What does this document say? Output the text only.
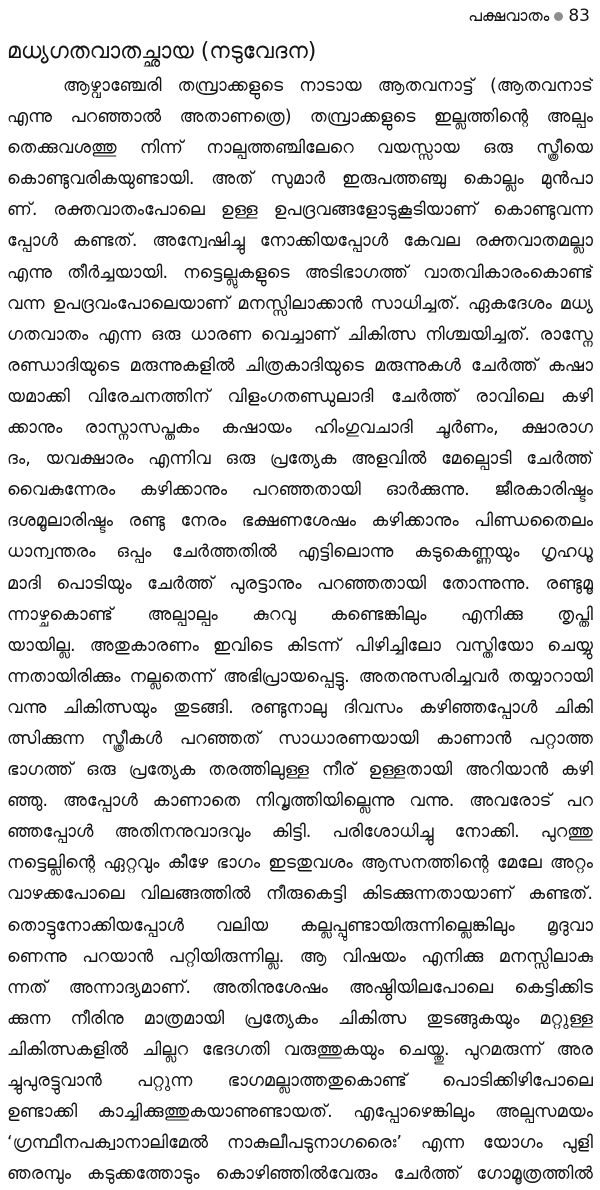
പക്ഷവാതം 83
മധ്യഗതവാതച്ഛായ (നടുവേദന)
ആഴ്വാഞ്ചേരി തമ്പ്രാക്കളുടെ നാടായ ആതവനാട്ട് (ആതവനാട്
എന്നു പറഞ്ഞാൽ അതാണത്രെ) തമ്പ്രാക്കളുടെ ഇല്ലത്തിന്റെ അല്പം
തെക്കുവശത്തു നിന്ന് നാല്പത്തഞ്ചിലേറെ വയസ്സായ ഒരു സ്ത്രീയെ
കൊണ്ടുവരികയുണ്ടായി. അത് സുമാർ ഇരുപത്തഞ്ചു കൊല്ലം മുൻപാ
ണ്. രക്തവാതംപോലെ ഉള്ള ഉപദ്രവങ്ങളോടുകൂടിയാണ് കൊണ്ടുവന്ന
പ്പോൾ കണ്ടത്. അന്വേഷിച്ചു നോക്കിയപ്പോൾ കേവല രക്തവാതമല്ലാ
എന്നു തീർച്ചയായി. നട്ടെല്ലുകളുടെ അടിഭാഗത്ത് വാതവികാരംകൊണ്ട്
വന്ന ഉപദ്രവംപോലെയാണ് മനസ്സിലാക്കാൻ സാധിച്ചത്. ഏകദേശം മധ്യ
ഗതവാതം എന്ന ഒരു ധാരണ വെച്ചാണ് ചികിത്സ നിശ്ചയിച്ചത്. രാസ്നേ
രണ്ഡാദിയുടെ മരുന്നുകളിൽ ചിത്രകാദിയുടെ മരുന്നുകൾ ചേർത്ത് കഷാ
യമാക്കി വിരേചനത്തിന് വിളംഗതണ്ഡുലാദി ചേർത്ത് രാവിലെ കഴി
ക്കാനും രാസ്നാസപ്തകം കഷായം ഹിംഗുവചാദി ചൂർണം, ക്ഷാരാഗ
ദം, യവക്ഷാരം എന്നിവ ഒരു പ്രത്യേക അളവിൽ മേല്പൊടി ചേർത്ത്
വൈകുന്നേരം കഴിക്കാനും പറഞ്ഞതായി ഓർക്കുന്നു. ജീരകാരിഷ്ടം
ദശമൂലാരിഷ്ടം രണ്ടു നേരം ഭക്ഷണശേഷം കഴിക്കാനും പിണ്ഡതൈലം
ധാന്വന്തരം ഒപ്പം ചേർത്തതിൽ എട്ടിലൊന്നു കടുകെണ്ണയും ഗൃഹധൂ
മാദി പൊടിയും ചേർത്ത് പുരട്ടാനും പറഞ്ഞതായി തോന്നുന്നു. രണ്ടുമൂ
ന്നാഴ്ചകൊണ്ട് അല്പാല്പം കുറവു കണ്ടെങ്കിലും എനിക്കു തൃപ്തി
യായില്ല. അതുകാരണം ഇവിടെ കിടന്ന് പിഴിച്ചിലോ വസ്തിയോ ചെയ്യു
ന്നതായിരിക്കും നല്ലതെന്ന് അഭിപ്രായപ്പെട്ടു. അതനുസരിച്ചവർ തയ്യാറായി
വന്നു ചികിത്സയും തുടങ്ങി. രണ്ടുനാലു ദിവസം കഴിഞ്ഞപ്പോൾ ചികി
ത്സിക്കുന്ന സ്ത്രീകൾ പറഞ്ഞത് സാധാരണയായി കാണാൻ പറ്റാത്ത
ഭാഗത്ത് ഒരു പ്രത്യേക തരത്തിലുള്ള നീര് ഉള്ളതായി അറിയാൻ കഴി
ഞ്ഞു. അപ്പോൾ കാണാതെ നിവൃത്തിയില്ലെന്നു വന്നു. അവരോട് പറ
ഞ്ഞപ്പോൾ അതിനനുവാദവും കിട്ടി. പരിശോധിച്ചു നോക്കി. പുറത്തു
നട്ടെല്ലിന്റെ ഏറ്റവും കീഴേ ഭാഗം ഇടതുവശം ആസനത്തിന്റെ മേലേ അറ്റം
വാഴക്കപോലെ വിലങ്ങത്തിൽ നീരുകെട്ടി കിടക്കുന്നതായാണ് കണ്ടത്.
തൊട്ടുനോക്കിയപ്പോൾ വലിയ കല്ലപ്പുണ്ടായിരുന്നില്ലെങ്കിലും മൃദുവാ
ണെന്നു പറയാൻ പറ്റിയിരുന്നില്ല. ആ വിഷയം എനിക്കു മനസ്സിലാകു
ന്നത് അന്നാദ്യമാണ്. അതിനുശേഷം അഷ്ഠിയിലപോലെ കെട്ടിക്കിട
ക്കുന്ന നീരിനു മാത്രമായി പ്രത്യേകം ചികിത്സ തുടങ്ങുകയും മറ്റുള്ള
ചികിത്സകളിൽ ചില്ലറ ഭേദഗതി വരുത്തുകയും ചെയ്തു. പുറമരുന്ന് അര
ച്ചുപുരട്ടുവാൻ പറ്റുന്ന ഭാഗമല്ലാത്തതുകൊണ്ട് പൊടിക്കിഴിപോലെ
ഉണ്ടാക്കി കാച്ചിക്കുത്തുകയാണുണ്ടായത്. എപ്പോഴെങ്കിലും അല്പസമയം
‘ഗ്രന്ഥീനപക്വാനാലിമേൽ നാകുലീപടുനാഗരൈഃ’ എന്ന യോഗം പുളി
ഞരമ്പും കടുക്കത്തോടും കൊഴിഞ്ഞിൽവേരും ചേർത്ത് ഗോമൂത്രത്തിൽ
